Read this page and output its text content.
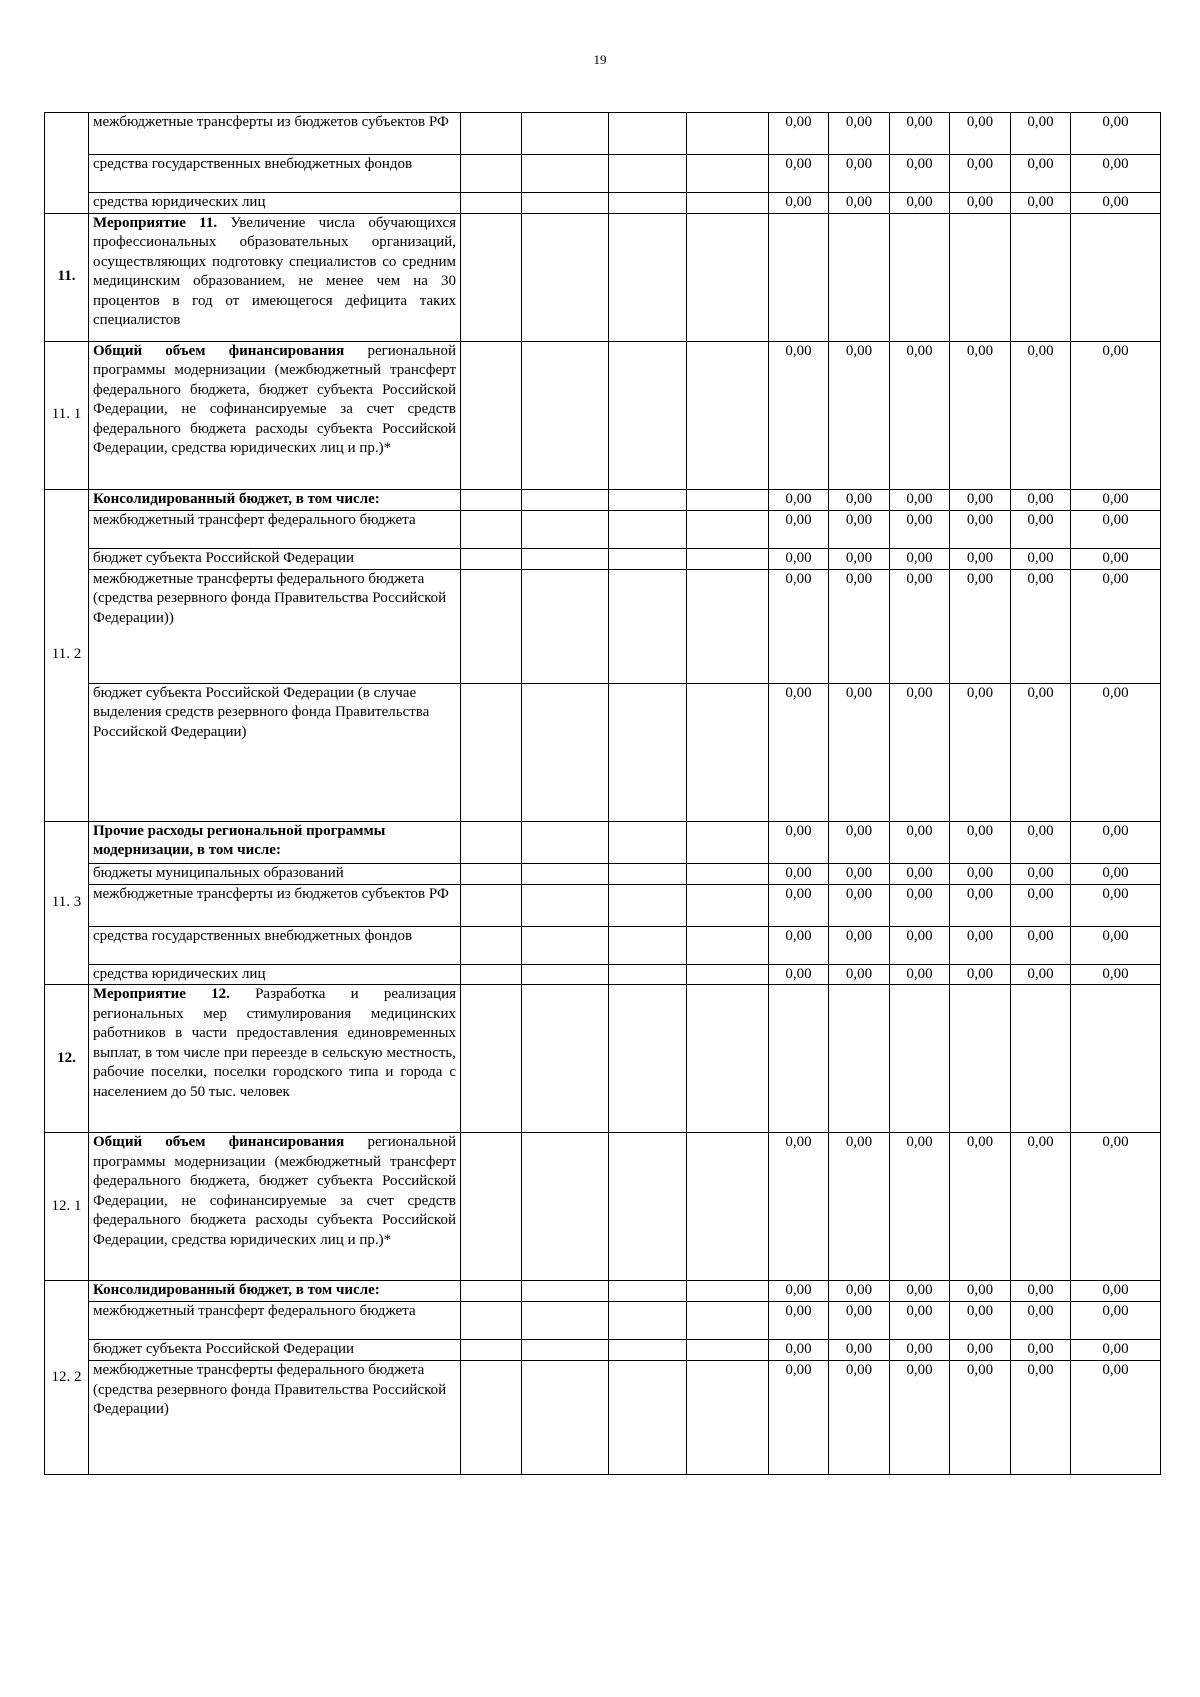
19
	межбюджетные трансферты из бюджетов субъектов РФ					0,00	0,00	0,00	0,00	0,00	0,00
	средства государственных внебюджетных фондов					0,00	0,00	0,00	0,00	0,00	0,00
	средства юридических лиц					0,00	0,00	0,00	0,00	0,00	0,00
11.	Мероприятие 11. Увеличение числа обучающихся профессиональных образовательных организаций, осуществляющих подготовку специалистов со средним медицинским образованием, не менее чем на 30 процентов в год от имеющегося дефицита таких специалистов										
11. 1	Общий объем финансирования региональной программы модернизации (межбюджетный трансферт федерального бюджета, бюджет субъекта Российской Федерации, не софинансируемые за счет средств федерального бюджета расходы субъекта Российской Федерации, средства юридических лиц и пр.)*					0,00	0,00	0,00	0,00	0,00	0,00
11. 2	Консолидированный бюджет, в том числе:					0,00	0,00	0,00	0,00	0,00	0,00
	межбюджетный трансферт федерального бюджета					0,00	0,00	0,00	0,00	0,00	0,00
	бюджет субъекта Российской Федерации					0,00	0,00	0,00	0,00	0,00	0,00
	межбюджетные трансферты федерального бюджета (средства резервного фонда Правительства Российской Федерации))					0,00	0,00	0,00	0,00	0,00	0,00
	бюджет субъекта Российской Федерации (в случае выделения средств резервного фонда Правительства Российской Федерации)					0,00	0,00	0,00	0,00	0,00	0,00
11. 3	Прочие расходы региональной программы модернизации, в том числе:					0,00	0,00	0,00	0,00	0,00	0,00
	бюджеты муниципальных образований					0,00	0,00	0,00	0,00	0,00	0,00
	межбюджетные трансферты из бюджетов субъектов РФ					0,00	0,00	0,00	0,00	0,00	0,00
	средства государственных внебюджетных фондов					0,00	0,00	0,00	0,00	0,00	0,00
	средства юридических лиц					0,00	0,00	0,00	0,00	0,00	0,00
12.	Мероприятие 12. Разработка и реализация региональных мер стимулирования медицинских работников в части предоставления единовременных выплат, в том числе при переезде в сельскую местность, рабочие поселки, поселки городского типа и города с населением до 50 тыс. человек										
12. 1	Общий объем финансирования региональной программы модернизации (межбюджетный трансферт федерального бюджета, бюджет субъекта Российской Федерации, не софинансируемые за счет средств федерального бюджета расходы субъекта Российской Федерации, средства юридических лиц и пр.)*					0,00	0,00	0,00	0,00	0,00	0,00
12. 2	Консолидированный бюджет, в том числе:					0,00	0,00	0,00	0,00	0,00	0,00
	межбюджетный трансферт федерального бюджета					0,00	0,00	0,00	0,00	0,00	0,00
	бюджет субъекта Российской Федерации					0,00	0,00	0,00	0,00	0,00	0,00
	межбюджетные трансферты федерального бюджета (средства резервного фонда Правительства Российской Федерации)					0,00	0,00	0,00	0,00	0,00	0,00
